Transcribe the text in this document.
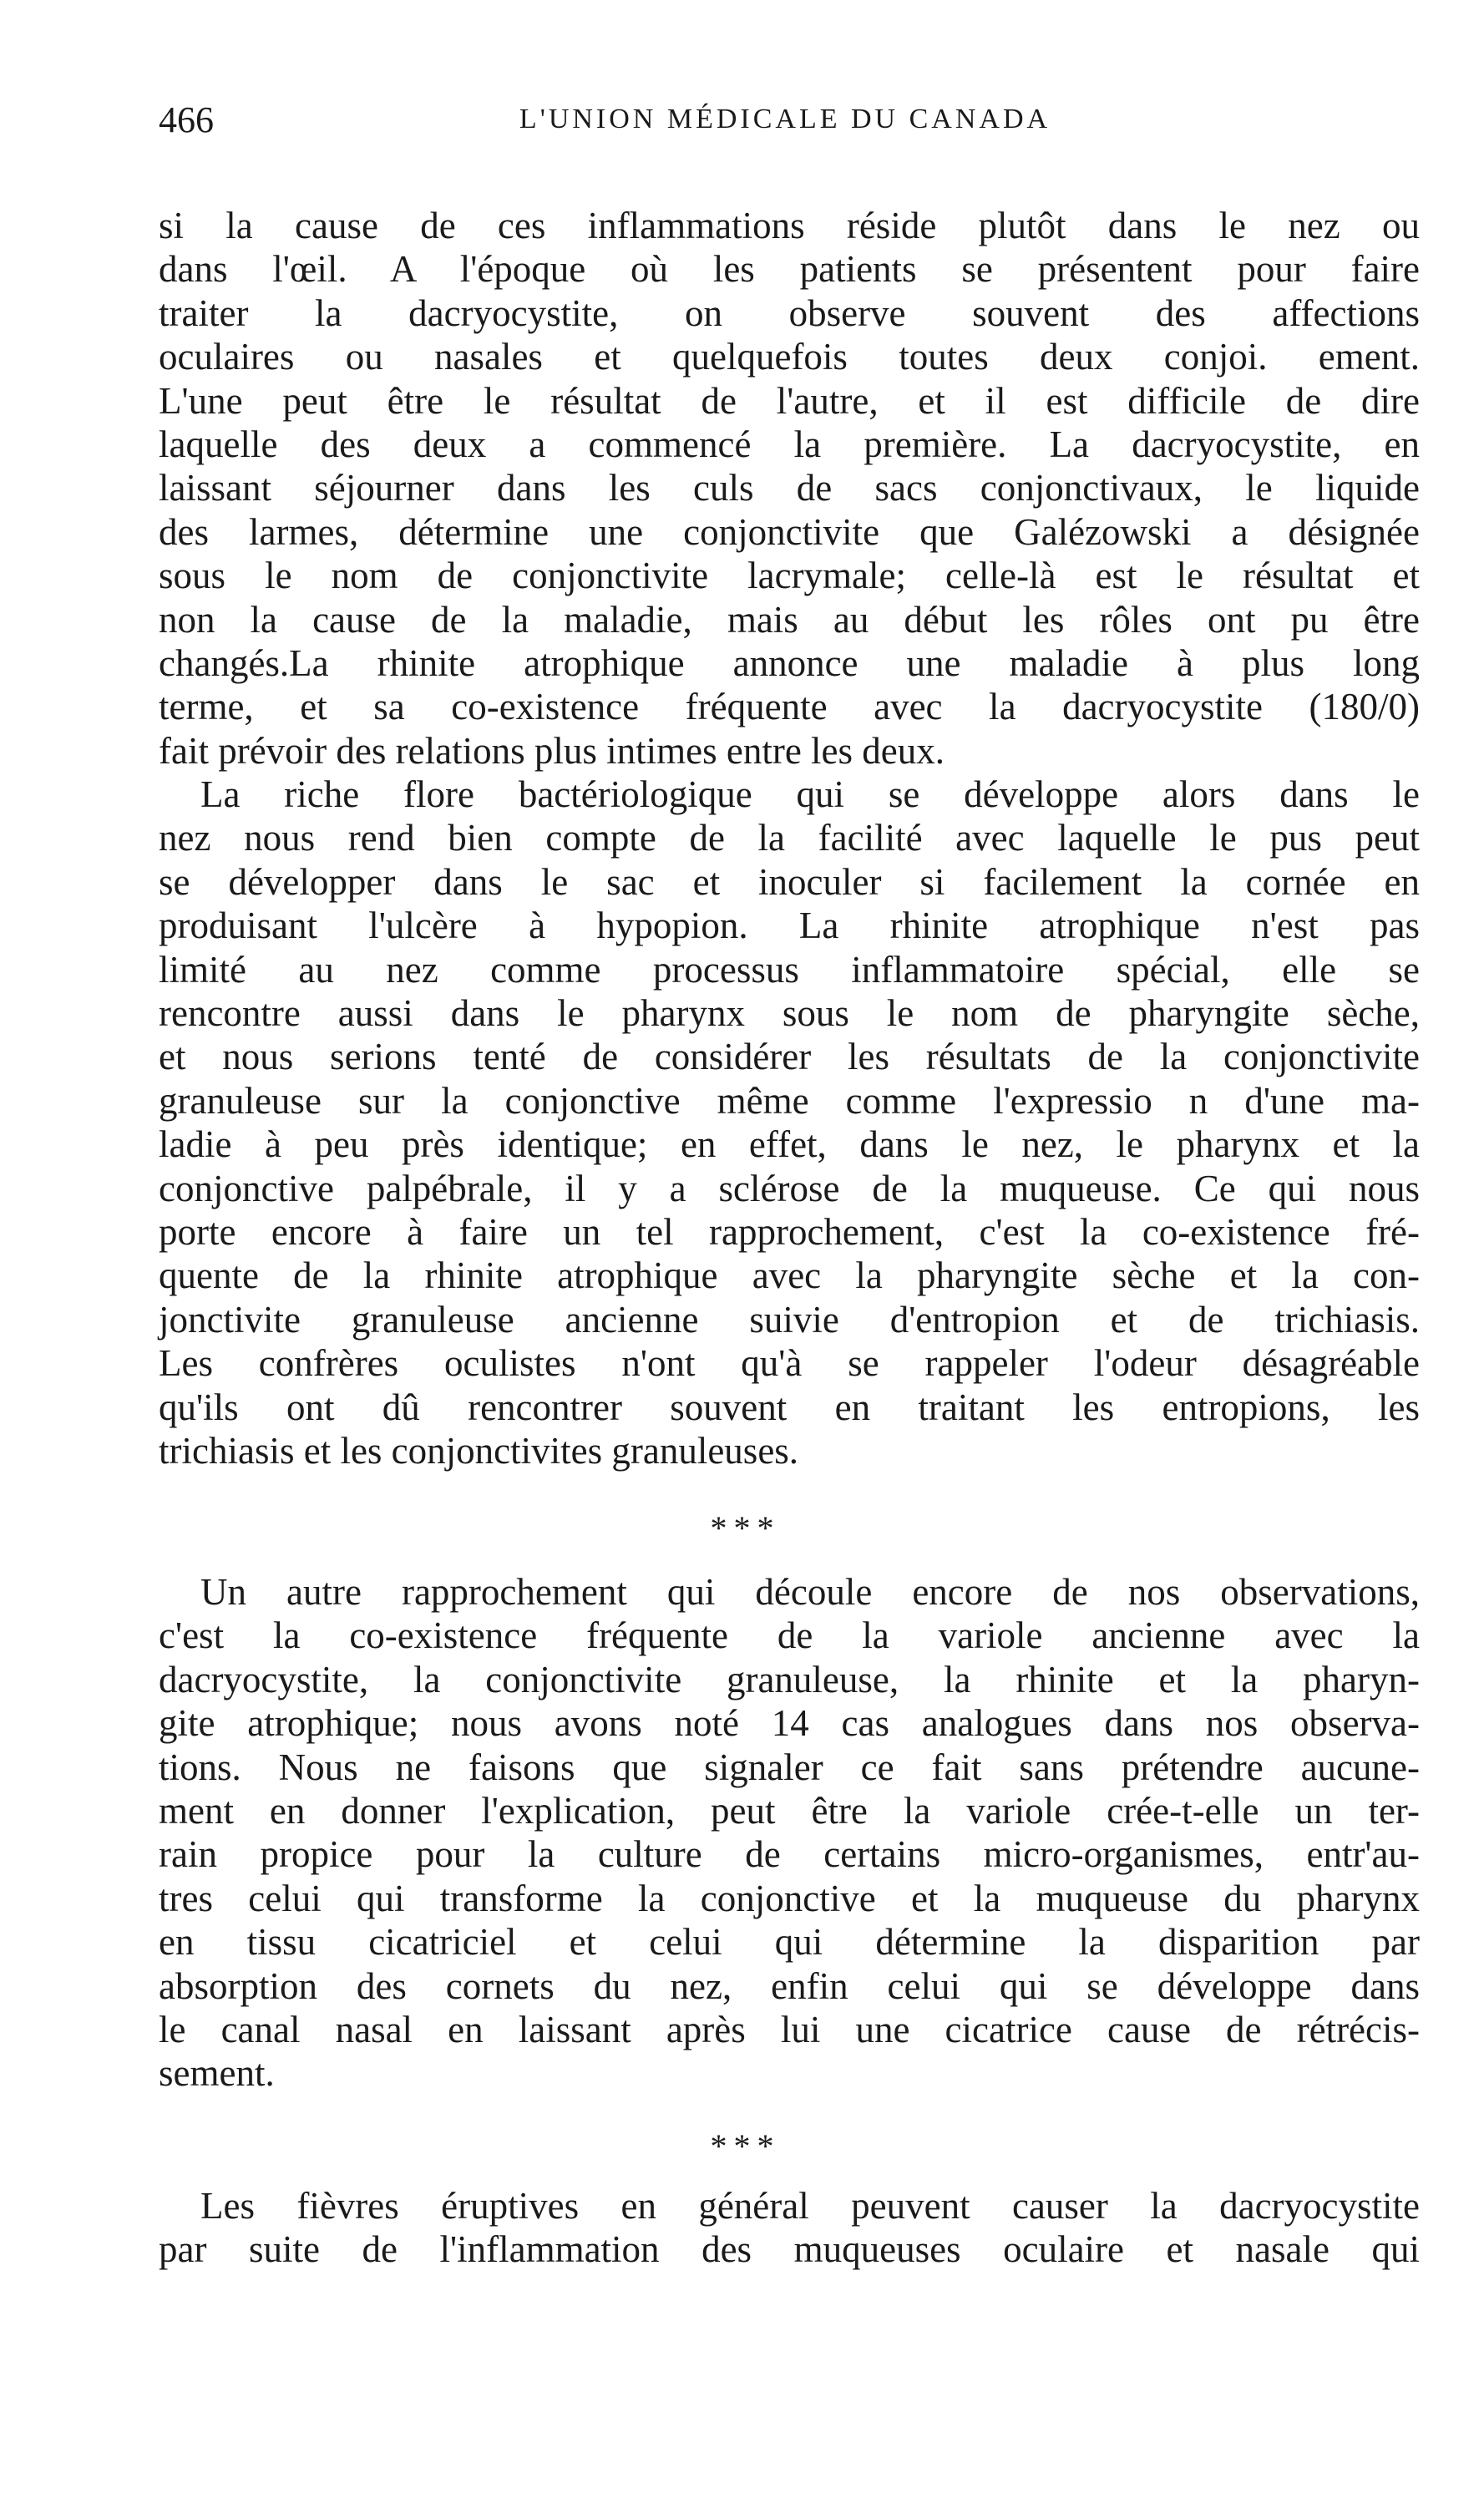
466	L'UNION MÉDICALE DU CANADA
si la cause de ces inflammations réside plutôt dans le nez ou
dans l'œil. A l'époque où les patients se présentent pour faire
traiter la dacryocystite, on observe souvent des affections
oculaires ou nasales et quelquefois toutes deux conjoi. ement.
L'une peut être le résultat de l'autre, et il est difficile de dire
laquelle des deux a commencé la première. La dacryocystite, en
laissant séjourner dans les culs de sacs conjonctivaux, le liquide
des larmes, détermine une conjonctivite que Galézowski a désignée
sous le nom de conjonctivite lacrymale; celle-là est le résultat et
non la cause de la maladie, mais au début les rôles ont pu être
changés.La rhinite atrophique annonce une maladie à plus long
terme, et sa co-existence fréquente avec la dacryocystite (180/0)
fait prévoir des relations plus intimes entre les deux.
La riche flore bactériologique qui se développe alors dans le
nez nous rend bien compte de la facilité avec laquelle le pus peut
se développer dans le sac et inoculer si facilement la cornée en
produisant l'ulcère à hypopion. La rhinite atrophique n'est pas
limité au nez comme processus inflammatoire spécial, elle se
rencontre aussi dans le pharynx sous le nom de pharyngite sèche,
et nous serions tenté de considérer les résultats de la conjonctivite
granuleuse sur la conjonctive même comme l'expressio n d'une ma-
ladie à peu près identique; en effet, dans le nez, le pharynx et la
conjonctive palpébrale, il y a sclérose de la muqueuse. Ce qui nous
porte encore à faire un tel rapprochement, c'est la co-existence fré-
quente de la rhinite atrophique avec la pharyngite sèche et la con-
jonctivite granuleuse ancienne suivie d'entropion et de trichiasis.
Les confrères oculistes n'ont qu'à se rappeler l'odeur désagréable
qu'ils ont dû rencontrer souvent en traitant les entropions, les
trichiasis et les conjonctivites granuleuses.
* * *
Un autre rapprochement qui découle encore de nos observations,
c'est la co-existence fréquente de la variole ancienne avec la
dacryocystite, la conjonctivite granuleuse, la rhinite et la pharyn-
gite atrophique; nous avons noté 14 cas analogues dans nos observa-
tions. Nous ne faisons que signaler ce fait sans prétendre aucune-
ment en donner l'explication, peut être la variole crée-t-elle un ter-
rain propice pour la culture de certains micro-organismes, entr'au-
tres celui qui transforme la conjonctive et la muqueuse du pharynx
en tissu cicatriciel et celui qui détermine la disparition par
absorption des cornets du nez, enfin celui qui se développe dans
le canal nasal en laissant après lui une cicatrice cause de rétrécis-
sement.
* * *
Les fièvres éruptives en général peuvent causer la dacryocystite
par suite de l'inflammation des muqueuses oculaire et nasale qui
